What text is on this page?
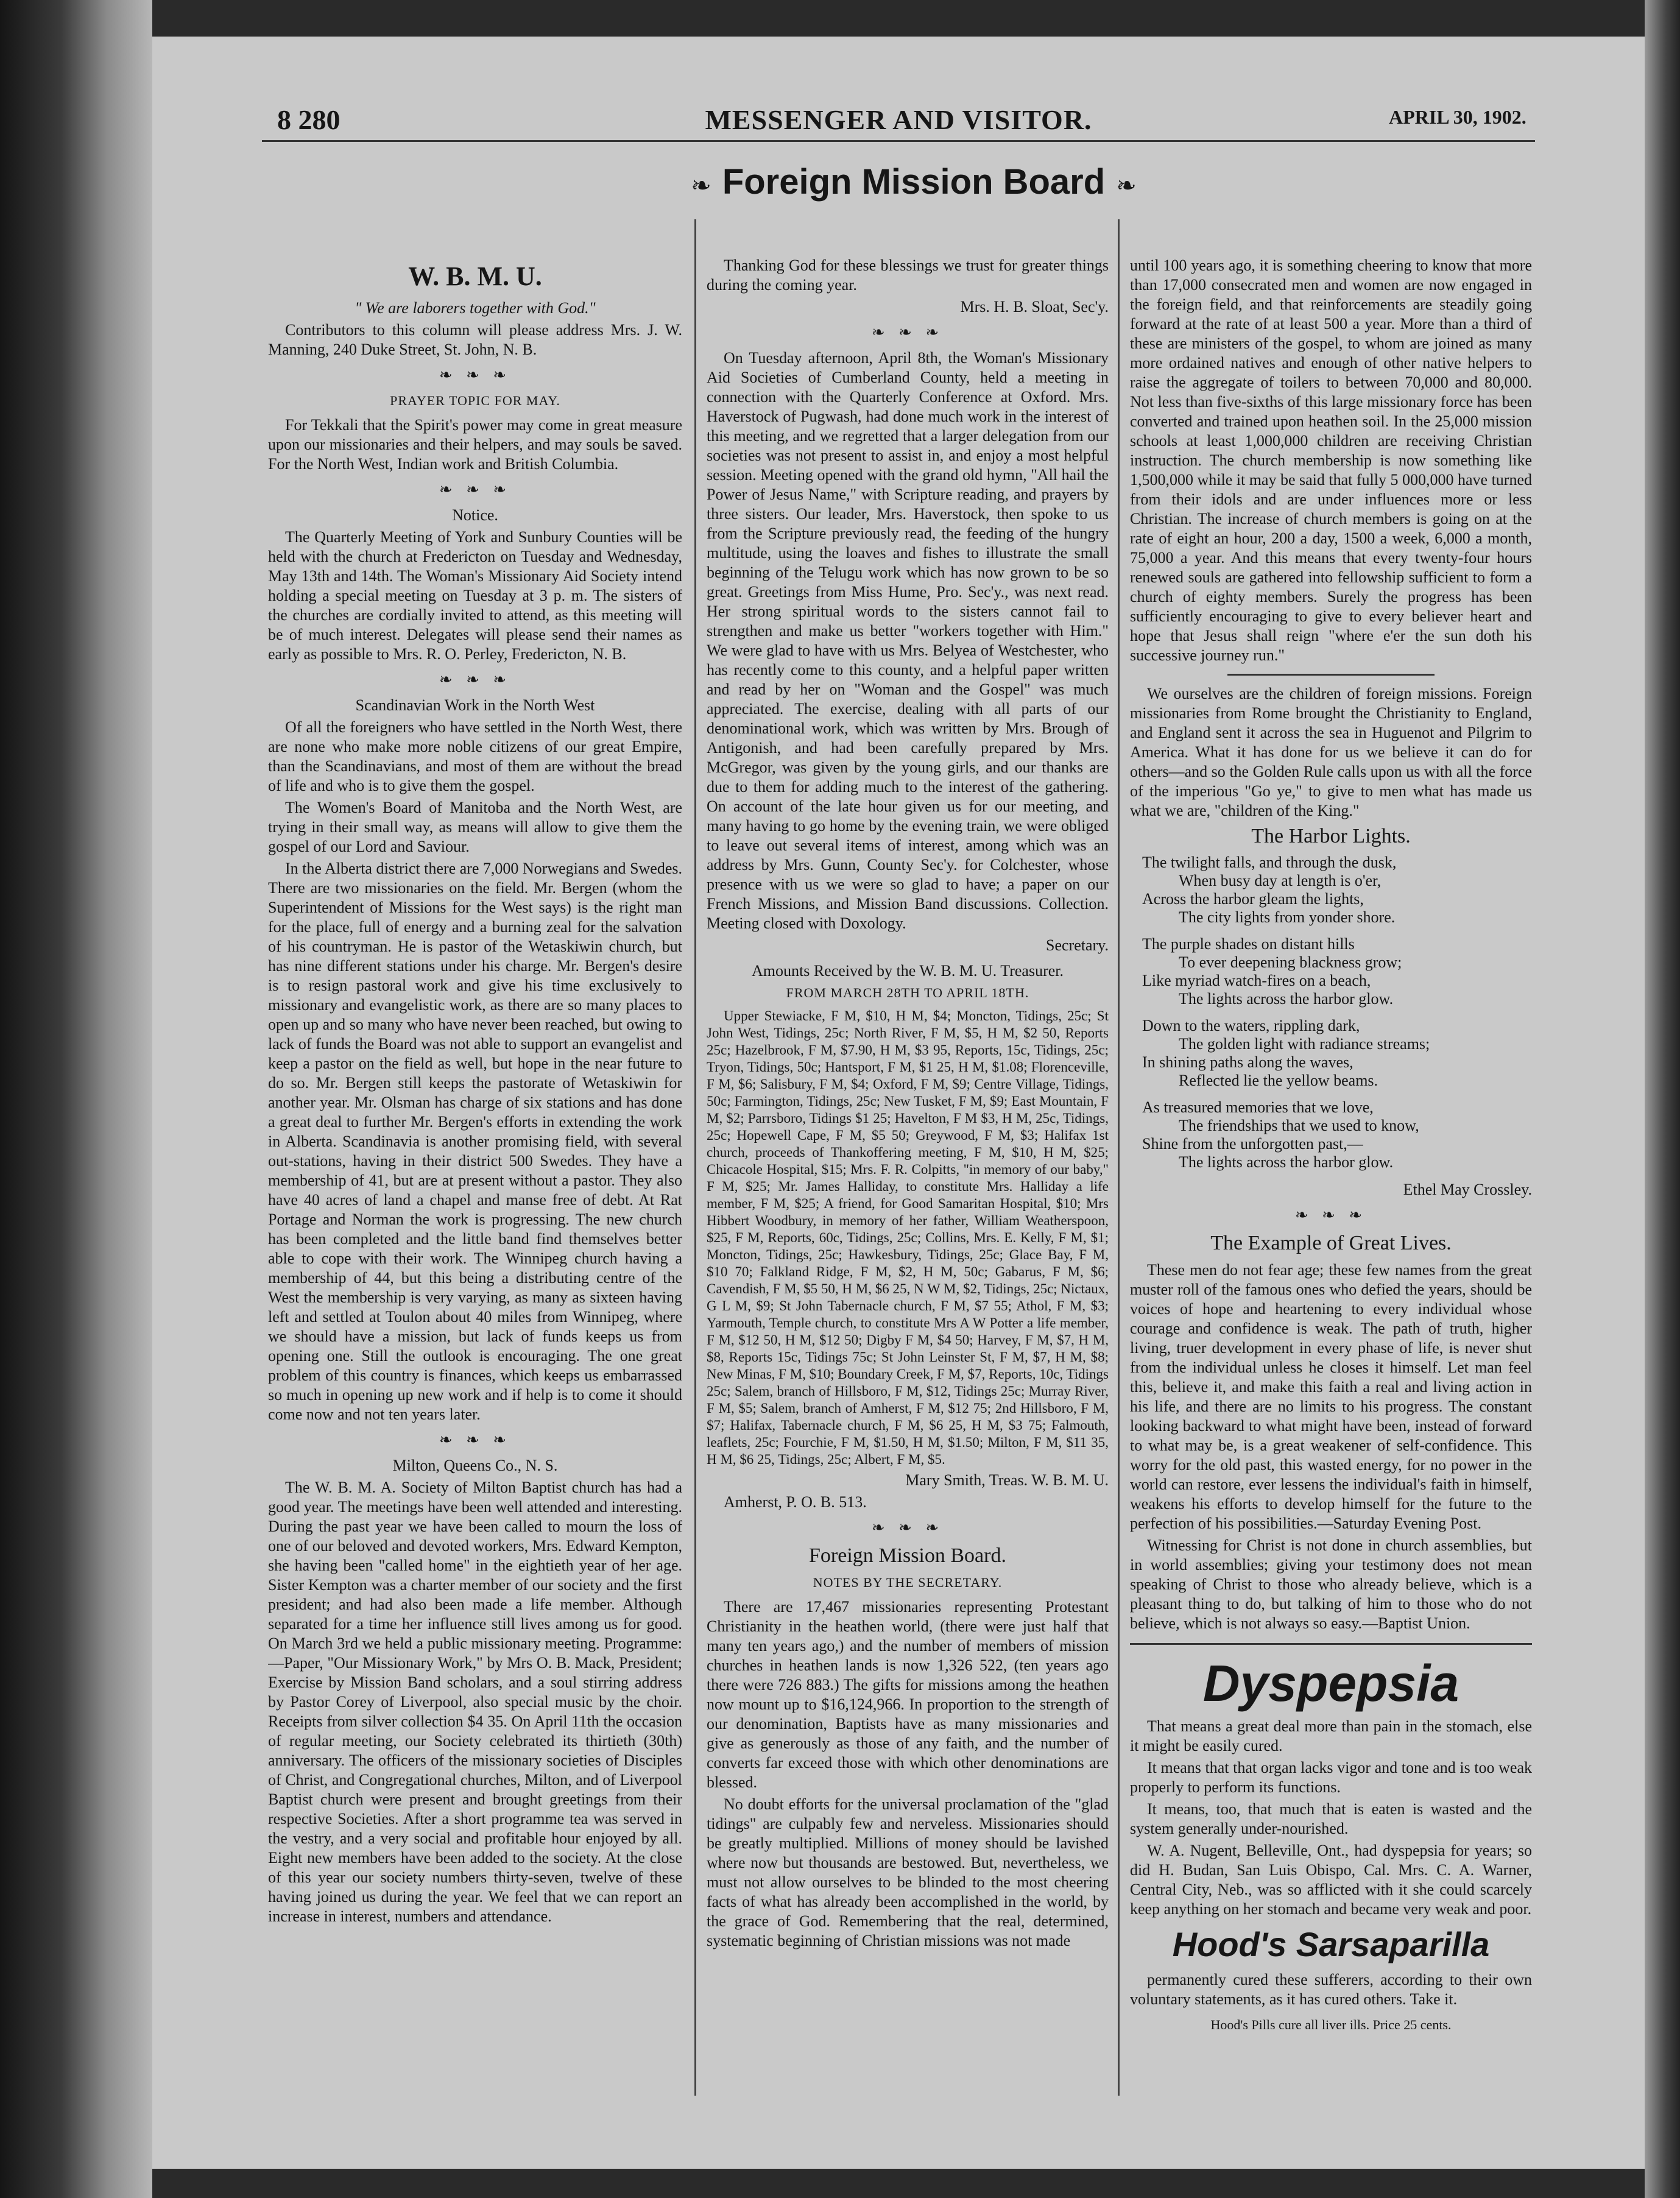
8 280	MESSENGER AND VISITOR.	APRIL 30, 1902.
❧ Foreign Mission Board ❧
W. B. M. U.

" We are laborers together with God."

Contributors to this column will please address Mrs. J. W. Manning, 240 Duke Street, St. John, N. B.

❧ ❧ ❧
PRAYER TOPIC FOR MAY.

For Tekkali that the Spirit's power may come in great measure upon our missionaries and their helpers, and may souls be saved. For the North West, Indian work and British Columbia.

❧ ❧ ❧

Notice.

The Quarterly Meeting of York and Sunbury Counties will be held with the church at Fredericton on Tuesday and Wednesday, May 13th and 14th. The Woman's Missionary Aid Society intend holding a special meeting on Tuesday at 3 p. m. The sisters of the churches are cordially invited to attend, as this meeting will be of much interest. Delegates will please send their names as early as possible to Mrs. R. O. Perley, Fredericton, N. B.

❧ ❧ ❧

Scandinavian Work in the North West

Of all the foreigners who have settled in the North West, there are none who make more noble citizens of our great Empire, than the Scandinavians, and most of them are without the bread of life and who is to give them the gospel.

The Women's Board of Manitoba and the North West, are trying in their small way, as means will allow to give them the gospel of our Lord and Saviour.

In the Alberta district there are 7,000 Norwegians and Swedes. There are two missionaries on the field. Mr. Bergen (whom the Superintendent of Missions for the West says) is the right man for the place, full of energy and a burning zeal for the salvation of his countryman. He is pastor of the Wetaskiwin church, but has nine different stations under his charge. Mr. Bergen's desire is to resign pastoral work and give his time exclusively to missionary and evangelistic work, as there are so many places to open up and so many who have never been reached, but owing to lack of funds the Board was not able to support an evangelist and keep a pastor on the field as well, but hope in the near future to do so. Mr. Bergen still keeps the pastorate of Wetaskiwin for another year. Mr. Olsman has charge of six stations and has done a great deal to further Mr. Bergen's efforts in extending the work in Alberta. Scandinavia is another promising field, with several out-stations, having in their district 500 Swedes. They have a membership of 41, but are at present without a pastor. They also have 40 acres of land a chapel and manse free of debt. At Rat Portage and Norman the work is progressing. The new church has been completed and the little band find themselves better able to cope with their work. The Winnipeg church having a membership of 44, but this being a distributing centre of the West the membership is very varying, as many as sixteen having left and settled at Toulon about 40 miles from Winnipeg, where we should have a mission, but lack of funds keeps us from opening one. Still the outlook is encouraging. The one great problem of this country is finances, which keeps us embarrassed so much in opening up new work and if help is to come it should come now and not ten years later.

❧ ❧ ❧

Milton, Queens Co., N. S.

The W. B. M. A. Society of Milton Baptist church has had a good year. The meetings have been well attended and interesting. During the past year we have been called to mourn the loss of one of our beloved and devoted workers, Mrs. Edward Kempton, she having been "called home" in the eightieth year of her age. Sister Kempton was a charter member of our society and the first president; and had also been made a life member. Although separated for a time her influence still lives among us for good. On March 3rd we held a public missionary meeting. Programme:—Paper, "Our Missionary Work," by Mrs O. B. Mack, President; Exercise by Mission Band scholars, and a soul stirring address by Pastor Corey of Liverpool, also special music by the choir. Receipts from silver collection $4 35. On April 11th the occasion of regular meeting, our Society celebrated its thirtieth (30th) anniversary. The officers of the missionary societies of Disciples of Christ, and Congregational churches, Milton, and of Liverpool Baptist church were present and brought greetings from their respective Societies. After a short programme tea was served in the vestry, and a very social and profitable hour enjoyed by all. Eight new members have been added to the society. At the close of this year our society numbers thirty-seven, twelve of these having joined us during the year. We feel that we can report an increase in interest, numbers and attendance.

Thanking God for these blessings we trust for greater things during the coming year.

Mrs. H. B. Sloat, Sec'y.

❧ ❧ ❧

On Tuesday afternoon, April 8th, the Woman's Missionary Aid Societies of Cumberland County, held a meeting in connection with the Quarterly Conference at Oxford. Mrs. Haverstock of Pugwash, had done much work in the interest of this meeting, and we regretted that a larger delegation from our societies was not present to assist in, and enjoy a most helpful session. Meeting opened with the grand old hymn, "All hail the Power of Jesus Name," with Scripture reading, and prayers by three sisters. Our leader, Mrs. Haverstock, then spoke to us from the Scripture previously read, the feeding of the hungry multitude, using the loaves and fishes to illustrate the small beginning of the Telugu work which has now grown to be so great. Greetings from Miss Hume, Pro. Sec'y., was next read. Her strong spiritual words to the sisters cannot fail to strengthen and make us better "workers together with Him." We were glad to have with us Mrs. Belyea of Westchester, who has recently come to this county, and a helpful paper written and read by her on "Woman and the Gospel" was much appreciated. The exercise, dealing with all parts of our denominational work, which was written by Mrs. Brough of Antigonish, and had been carefully prepared by Mrs. McGregor, was given by the young girls, and our thanks are due to them for adding much to the interest of the gathering. On account of the late hour given us for our meeting, and many having to go home by the evening train, we were obliged to leave out several items of interest, among which was an address by Mrs. Gunn, County Sec'y. for Colchester, whose presence with us we were so glad to have; a paper on our French Missions, and Mission Band discussions. Collection. Meeting closed with Doxology.

Secretary.

Amounts Received by the W. B. M. U. Treasurer.

FROM MARCH 28TH TO APRIL 18TH.

Upper Stewiacke, F M, $10, H M, $4; Moncton, Tidings, 25c; St John West, Tidings, 25c; North River, F M, $5, H M, $2 50, Reports 25c; Hazelbrook, F M, $7.90, H M, $3 95, Reports, 15c, Tidings, 25c; Tryon, Tidings, 50c; Hantsport, F M, $1 25, H M, $1.08; Florenceville, F M, $6; Salisbury, F M, $4; Oxford, F M, $9; Centre Village, Tidings, 50c; Farmington, Tidings, 25c; New Tusket, F M, $9; East Mountain, F M, $2; Parrsboro, Tidings $1 25; Havelton, F M $3, H M, 25c, Tidings, 25c; Hopewell Cape, F M, $5 50; Greywood, F M, $3; Halifax 1st church, proceeds of Thankoffering meeting, F M, $10, H M, $25; Chicacole Hospital, $15; Mrs. F. R. Colpitts, "in memory of our baby," F M, $25; Mr. James Halliday, to constitute Mrs. Halliday a life member, F M, $25; A friend, for Good Samaritan Hospital, $10; Mrs Hibbert Woodbury, in memory of her father, William Weatherspoon, $25, F M, Reports, 60c, Tidings, 25c; Collins, Mrs. E. Kelly, F M, $1; Moncton, Tidings, 25c; Hawkesbury, Tidings, 25c; Glace Bay, F M, $10 70; Falkland Ridge, F M, $2, H M, 50c; Gabarus, F M, $6; Cavendish, F M, $5 50, H M, $6 25, N W M, $2, Tidings, 25c; Nictaux, G L M, $9; St John Tabernacle church, F M, $7 55; Athol, F M, $3; Yarmouth, Temple church, to constitute Mrs A W Potter a life member, F M, $12 50, H M, $12 50; Digby F M, $4 50; Harvey, F M, $7, H M, $8, Reports 15c, Tidings 75c; St John Leinster St, F M, $7, H M, $8; New Minas, F M, $10; Boundary Creek, F M, $7, Reports, 10c, Tidings 25c; Salem, branch of Hillsboro, F M, $12, Tidings 25c; Murray River, F M, $5; Salem, branch of Amherst, F M, $12 75; 2nd Hillsboro, F M, $7; Halifax, Tabernacle church, F M, $6 25, H M, $3 75; Falmouth, leaflets, 25c; Fourchie, F M, $1.50, H M, $1.50; Milton, F M, $11 35, H M, $6 25, Tidings, 25c; Albert, F M, $5.

Mary Smith, Treas. W. B. M. U.

Amherst, P. O. B. 513.

❧ ❧ ❧
Foreign Mission Board.
NOTES BY THE SECRETARY.

There are 17,467 missionaries representing Protestant Christianity in the heathen world, (there were just half that many ten years ago,) and the number of members of mission churches in heathen lands is now 1,326 522, (ten years ago there were 726 883.) The gifts for missions among the heathen now mount up to $16,124,966. In proportion to the strength of our denomination, Baptists have as many missionaries and give as generously as those of any faith, and the number of converts far exceed those with which other denominations are blessed.

No doubt efforts for the universal proclamation of the "glad tidings" are culpably few and nerveless. Missionaries should be greatly multiplied. Millions of money should be lavished where now but thousands are bestowed. But, nevertheless, we must not allow ourselves to be blinded to the most cheering facts of what has already been accomplished in the world, by the grace of God. Remembering that the real, determined, systematic beginning of Christian missions was not made

until 100 years ago, it is something cheering to know that more than 17,000 consecrated men and women are now engaged in the foreign field, and that reinforcements are steadily going forward at the rate of at least 500 a year. More than a third of these are ministers of the gospel, to whom are joined as many more ordained natives and enough of other native helpers to raise the aggregate of toilers to between 70,000 and 80,000. Not less than five-sixths of this large missionary force has been converted and trained upon heathen soil. In the 25,000 mission schools at least 1,000,000 children are receiving Christian instruction. The church membership is now something like 1,500,000 while it may be said that fully 5 000,000 have turned from their idols and are under influences more or less Christian. The increase of church members is going on at the rate of eight an hour, 200 a day, 1500 a week, 6,000 a month, 75,000 a year. And this means that every twenty-four hours renewed souls are gathered into fellowship sufficient to form a church of eighty members. Surely the progress has been sufficiently encouraging to give to every believer heart and hope that Jesus shall reign "where e'er the sun doth his successive journey run."

We ourselves are the children of foreign missions. Foreign missionaries from Rome brought the Christianity to England, and England sent it across the sea in Huguenot and Pilgrim to America. What it has done for us we believe it can do for others—and so the Golden Rule calls upon us with all the force of the imperious "Go ye," to give to men what has made us what we are, "children of the King."

The Harbor Lights.
The twilight falls, and through the dusk,
When busy day at length is o'er,
Across the harbor gleam the lights,
The city lights from yonder shore.
The purple shades on distant hills
To ever deepening blackness grow;
Like myriad watch-fires on a beach,
The lights across the harbor glow.
Down to the waters, rippling dark,
The golden light with radiance streams;
In shining paths along the waves,
Reflected lie the yellow beams.
As treasured memories that we love,
The friendships that we used to know,
Shine from the unforgotten past,—
The lights across the harbor glow.

Ethel May Crossley.

❧ ❧ ❧
The Example of Great Lives.

These men do not fear age; these few names from the great muster roll of the famous ones who defied the years, should be voices of hope and heartening to every individual whose courage and confidence is weak. The path of truth, higher living, truer development in every phase of life, is never shut from the individual unless he closes it himself. Let man feel this, believe it, and make this faith a real and living action in his life, and there are no limits to his progress. The constant looking backward to what might have been, instead of forward to what may be, is a great weakener of self-confidence. This worry for the old past, this wasted energy, for no power in the world can restore, ever lessens the individual's faith in himself, weakens his efforts to develop himself for the future to the perfection of his possibilities.—Saturday Evening Post.

Witnessing for Christ is not done in church assemblies, but in world assemblies; giving your testimony does not mean speaking of Christ to those who already believe, which is a pleasant thing to do, but talking of him to those who do not believe, which is not always so easy.—Baptist Union.

Dyspepsia

That means a great deal more than pain in the stomach, else it might be easily cured.

It means that that organ lacks vigor and tone and is too weak properly to perform its functions.

It means, too, that much that is eaten is wasted and the system generally under-nourished.

W. A. Nugent, Belleville, Ont., had dyspepsia for years; so did H. Budan, San Luis Obispo, Cal. Mrs. C. A. Warner, Central City, Neb., was so afflicted with it she could scarcely keep anything on her stomach and became very weak and poor.

Hood's Sarsaparilla

permanently cured these sufferers, according to their own voluntary statements, as it has cured others. Take it.

Hood's Pills cure all liver ills. Price 25 cents.
